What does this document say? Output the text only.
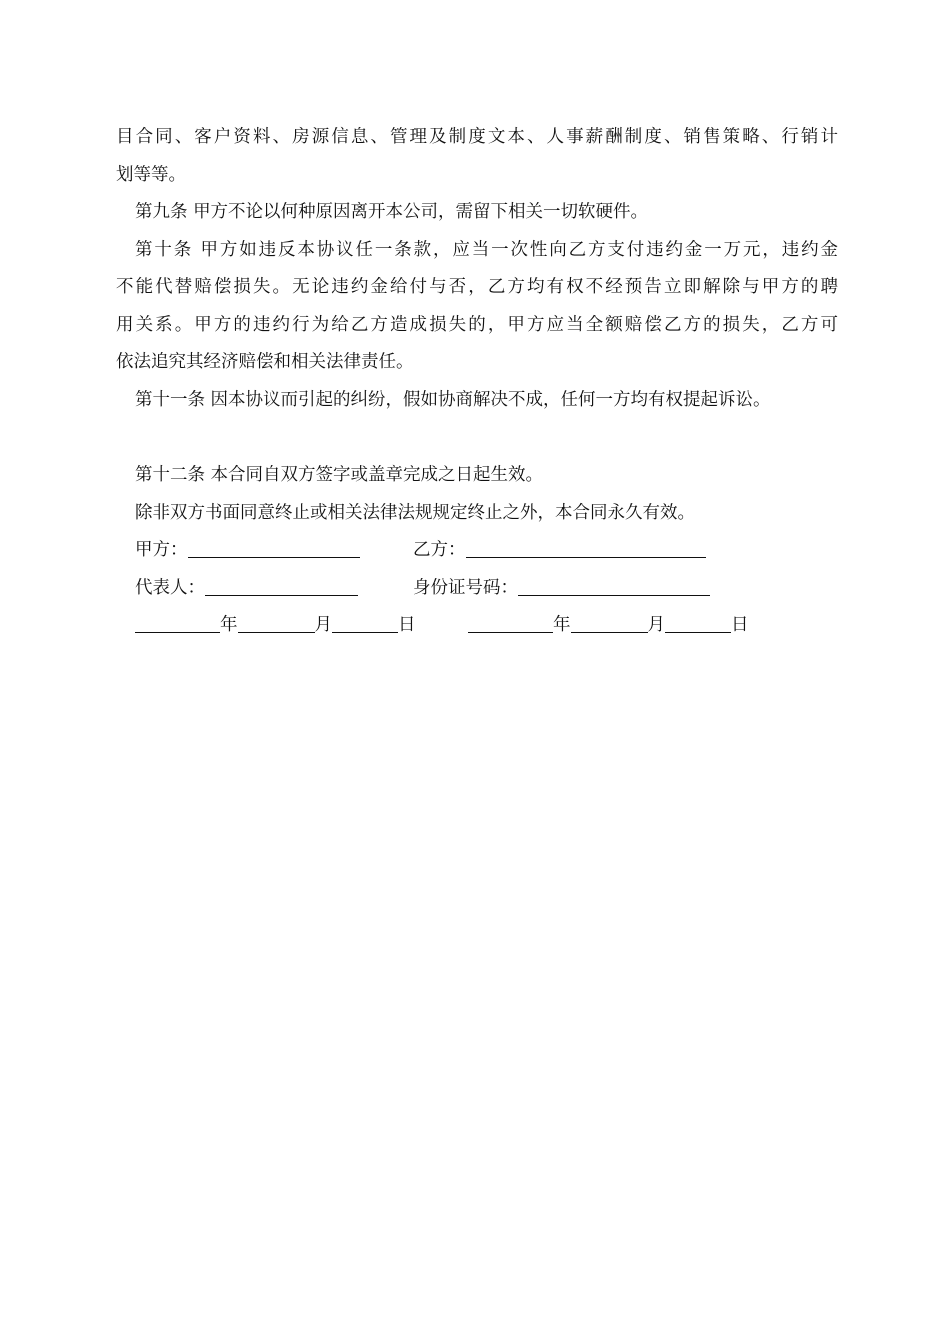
目合同、客户资料、房源信息、管理及制度文本、人事薪酬制度、销售策略、行销计

划等等。

第九条 甲方不论以何种原因离开本公司，需留下相关一切软硬件。

第十条 甲方如违反本协议任一条款，应当一次性向乙方支付违约金一万元，违约金

不能代替赔偿损失。无论违约金给付与否，乙方均有权不经预告立即解除与甲方的聘

用关系。甲方的违约行为给乙方造成损失的，甲方应当全额赔偿乙方的损失，乙方可

依法追究其经济赔偿和相关法律责任。

第十一条 因本协议而引起的纠纷，假如协商解决不成，任何一方均有权提起诉讼。

第十二条 本合同自双方签字或盖章完成之日起生效。

除非双方书面同意终止或相关法律法规规定终止之外，本合同永久有效。

甲方：	乙方：
代表人：	身份证号码：
年	月	日	年	月	日
